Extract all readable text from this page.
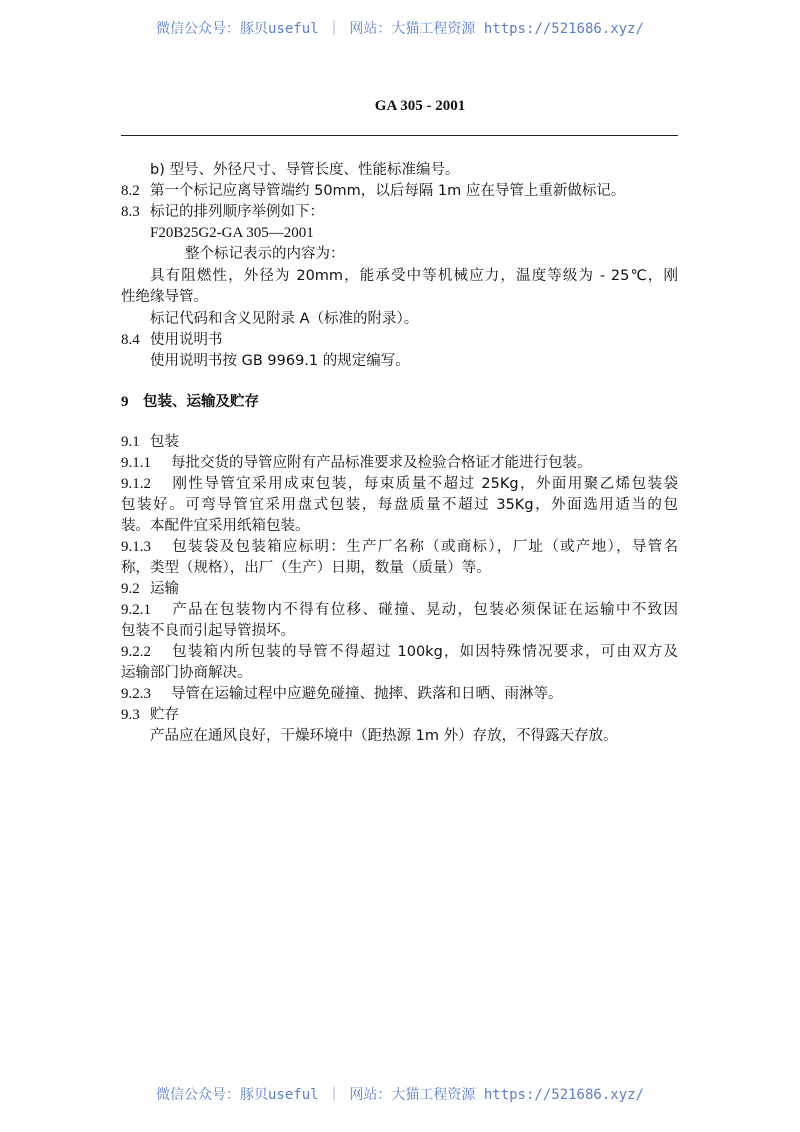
微信公众号：豚贝useful ｜ 网站：大猫工程资源 https://521686.xyz/
GA 305 - 2001
b) 型号、外径尺寸、导管长度、性能标准编号。
8.2 第一个标记应离导管端约 50mm，以后每隔 1m 应在导管上重新做标记。
8.3 标记的排列顺序举例如下：
F20B25G2-GA 305—2001
整个标记表示的内容为：
具有阻燃性，外径为 20mm，能承受中等机械应力，温度等级为 - 25℃，刚
性绝缘导管。
标记代码和含义见附录 A（标准的附录）。
8.4 使用说明书
使用说明书按 GB 9969.1 的规定编写。
9 包装、运输及贮存
9.1 包装
9.1.1 每批交货的导管应附有产品标准要求及检验合格证才能进行包装。
9.1.2 刚性导管宜采用成束包装，每束质量不超过 25Kg，外面用聚乙烯包装袋
包装好。可弯导管宜采用盘式包装，每盘质量不超过 35Kg，外面选用适当的包
装。本配件宜采用纸箱包装。
9.1.3 包装袋及包装箱应标明：生产厂名称（或商标），厂址（或产地），导管名
称，类型（规格），出厂（生产）日期，数量（质量）等。
9.2 运输
9.2.1 产品在包装物内不得有位移、碰撞、晃动，包装必须保证在运输中不致因
包装不良而引起导管损坏。
9.2.2 包装箱内所包装的导管不得超过 100kg，如因特殊情况要求，可由双方及
运输部门协商解决。
9.2.3 导管在运输过程中应避免碰撞、抛摔、跌落和日晒、雨淋等。
9.3 贮存
产品应在通风良好，干燥环境中（距热源 1m 外）存放，不得露天存放。
微信公众号：豚贝useful ｜ 网站：大猫工程资源 https://521686.xyz/
